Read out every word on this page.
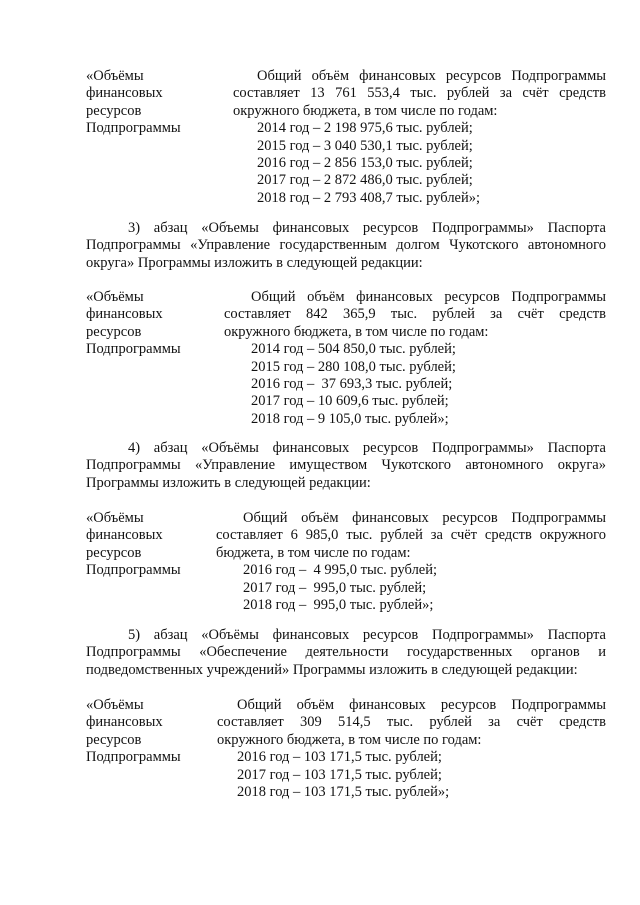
«Объёмы
финансовых
ресурсов
Подпрограммы
Общий объём финансовых ресурсов Подпрограммы
составляет 13 761 553,4 тыс. рублей за счёт средств
окружного бюджета, в том числе по годам:
2014 год – 2 198 975,6 тыс. рублей;
2015 год – 3 040 530,1 тыс. рублей;
2016 год – 2 856 153,0 тыс. рублей;
2017 год – 2 872 486,0 тыс. рублей;
2018 год – 2 793 408,7 тыс. рублей»;
3) абзац «Объемы финансовых ресурсов Подпрограммы» Паспорта
Подпрограммы «Управление государственным долгом Чукотского автономного
округа» Программы изложить в следующей редакции:
«Объёмы
финансовых
ресурсов
Подпрограммы
Общий объём финансовых ресурсов Подпрограммы
составляет 842 365,9 тыс. рублей за счёт средств
окружного бюджета, в том числе по годам:
2014 год – 504 850,0 тыс. рублей;
2015 год – 280 108,0 тыс. рублей;
2016 год –  37 693,3 тыс. рублей;
2017 год – 10 609,6 тыс. рублей;
2018 год – 9 105,0 тыс. рублей»;
4) абзац «Объёмы финансовых ресурсов Подпрограммы» Паспорта
Подпрограммы «Управление имуществом Чукотского автономного округа»
Программы изложить в следующей редакции:
«Объёмы
финансовых
ресурсов
Подпрограммы
Общий объём финансовых ресурсов Подпрограммы
составляет 6 985,0 тыс. рублей за счёт средств окружного
бюджета, в том числе по годам:
2016 год –  4 995,0 тыс. рублей;
2017 год –  995,0 тыс. рублей;
2018 год –  995,0 тыс. рублей»;
5) абзац «Объёмы финансовых ресурсов Подпрограммы» Паспорта
Подпрограммы «Обеспечение деятельности государственных органов и
подведомственных учреждений» Программы изложить в следующей редакции:
«Объёмы
финансовых
ресурсов
Подпрограммы
Общий объём финансовых ресурсов Подпрограммы
составляет 309 514,5 тыс. рублей за счёт средств
окружного бюджета, в том числе по годам:
2016 год – 103 171,5 тыс. рублей;
2017 год – 103 171,5 тыс. рублей;
2018 год – 103 171,5 тыс. рублей»;
